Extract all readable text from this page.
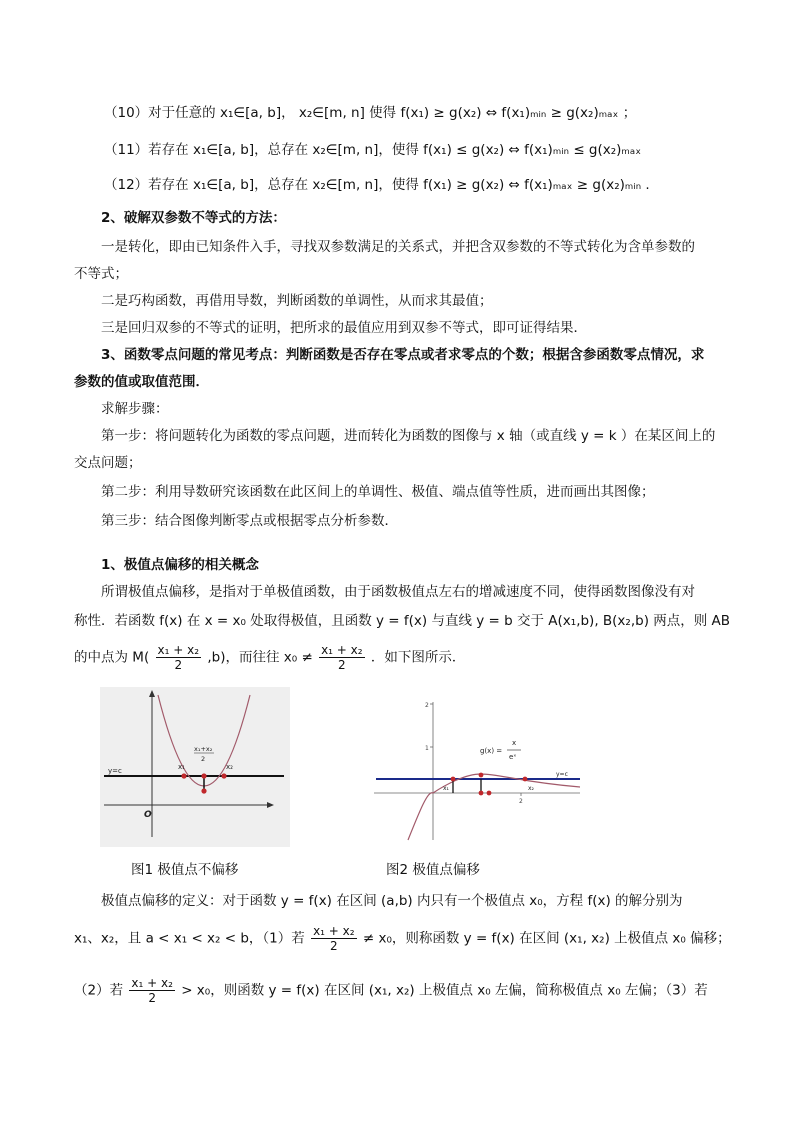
（10）对于任意的 x₁∈[a, b]， x₂∈[m, n] 使得 f(x₁) ≥ g(x₂) ⇔ f(x₁)ₘᵢₙ ≥ g(x₂)ₘₐₓ ；
（11）若存在 x₁∈[a, b]，总存在 x₂∈[m, n]，使得 f(x₁) ≤ g(x₂) ⇔ f(x₁)ₘᵢₙ ≤ g(x₂)ₘₐₓ
（12）若存在 x₁∈[a, b]，总存在 x₂∈[m, n]，使得 f(x₁) ≥ g(x₂) ⇔ f(x₁)ₘₐₓ ≥ g(x₂)ₘᵢₙ .
2、破解双参数不等式的方法：
一是转化，即由已知条件入手，寻找双参数满足的关系式，并把含双参数的不等式转化为含单参数的
不等式；
二是巧构函数，再借用导数，判断函数的单调性，从而求其最值；
三是回归双参的不等式的证明，把所求的最值应用到双参不等式，即可证得结果．
3、函数零点问题的常见考点：判断函数是否存在零点或者求零点的个数；根据含参函数零点情况，求
参数的值或取值范围．
求解步骤：
第一步：将问题转化为函数的零点问题，进而转化为函数的图像与 x 轴（或直线 y = k ）在某区间上的
交点问题；
第二步：利用导数研究该函数在此区间上的单调性、极值、端点值等性质，进而画出其图像；
第三步：结合图像判断零点或根据零点分析参数．
1、极值点偏移的相关概念
所谓极值点偏移，是指对于单极值函数，由于函数极值点左右的增减速度不同，使得函数图像没有对
称性．若函数 f(x) 在 x = x₀ 处取得极值，且函数 y = f(x) 与直线 y = b 交于 A(x₁,b), B(x₂,b) 两点，则 AB
的中点为 $M( \frac{\text{x₁ + x₂}}{2} ,b)$，而往往 $x_0 \ne \frac{\text{x₁ + x₂}}{2}$ ．如下图所示．
y=c	x₁	x₂
x₁+x₂
2
O
图1 极值点不偏移
2
1
2
g(x) =
x
eˣ
y=c
x₁	x₂
图2 极值点偏移
极值点偏移的定义：对于函数 y = f(x) 在区间 (a,b) 内只有一个极值点 x₀，方程 f(x) 的解分别为
x₁、x₂，且 a < x₁ < x₂ < b，（1）若 $\frac{\text{x₁ + x₂}}{2} \ne x_0$，则称函数 y = f(x) 在区间 (x₁, x₂) 上极值点 x₀ 偏移；
（2）若 $\frac{\text{x₁ + x₂}}{2} > x_0$，则函数 y = f(x) 在区间 (x₁, x₂) 上极值点 x₀ 左偏，简称极值点 x₀ 左偏；（3）若
